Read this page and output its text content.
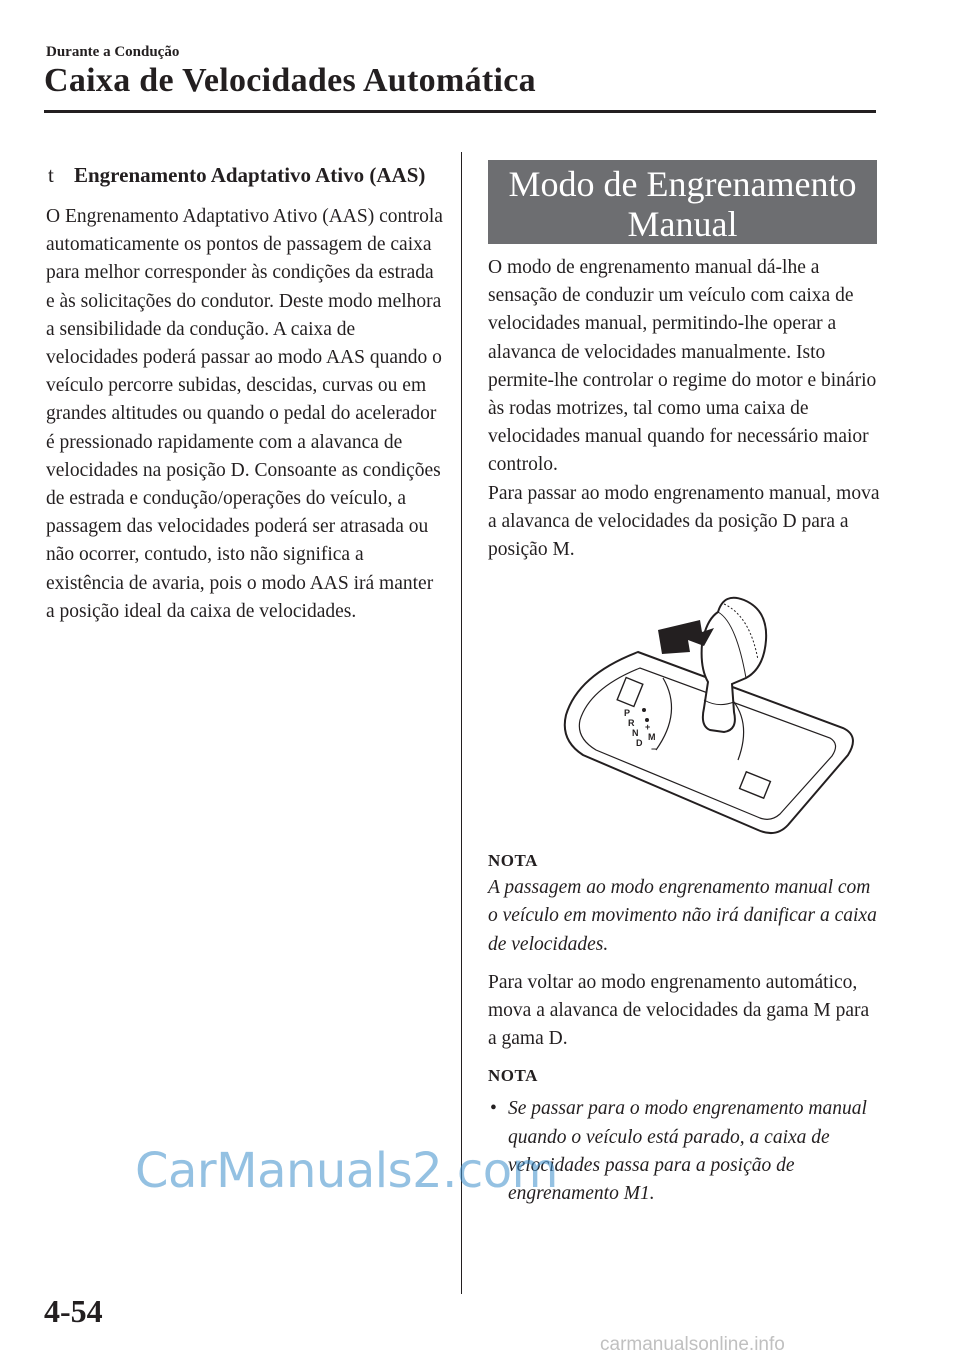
Durante a Condução
Caixa de Velocidades Automática
t Engrenamento Adaptativo Ativo (AAS)

O Engrenamento Adaptativo Ativo (AAS) controla automaticamente os pontos de passagem de caixa para melhor corresponder às condições da estrada e às solicitações do condutor. Deste modo melhora a sensibilidade da condução. A caixa de velocidades poderá passar ao modo AAS quando o veículo percorre subidas, descidas, curvas ou em grandes altitudes ou quando o pedal do acelerador é pressionado rapidamente com a alavanca de velocidades na posição D. Consoante as condições de estrada e condução/operações do veículo, a passagem das velocidades poderá ser atrasada ou não ocorrer, contudo, isto não significa a existência de avaria, pois o modo AAS irá manter a posição ideal da caixa de velocidades.

Modo de Engrenamento Manual

O modo de engrenamento manual dá-lhe a sensação de conduzir um veículo com caixa de velocidades manual, permitindo-lhe operar a alavanca de velocidades manualmente. Isto permite-lhe controlar o regime do motor e binário às rodas motrizes, tal como uma caixa de velocidades manual quando for necessário maior controlo.

Para passar ao modo engrenamento manual, mova a alavanca de velocidades da posição D para a posição M.

P
R
N
D
M
+
−
NOTA

A passagem ao modo engrenamento manual com o veículo em movimento não irá danificar a caixa de velocidades.

Para voltar ao modo engrenamento automático, mova a alavanca de velocidades da gama M para a gama D.

NOTA
• Se passar para o modo engrenamento manual quando o veículo está parado, a caixa de velocidades passa para a posição de engrenamento M1.
CarManuals2.com
4-54
carmanualsonline.info
